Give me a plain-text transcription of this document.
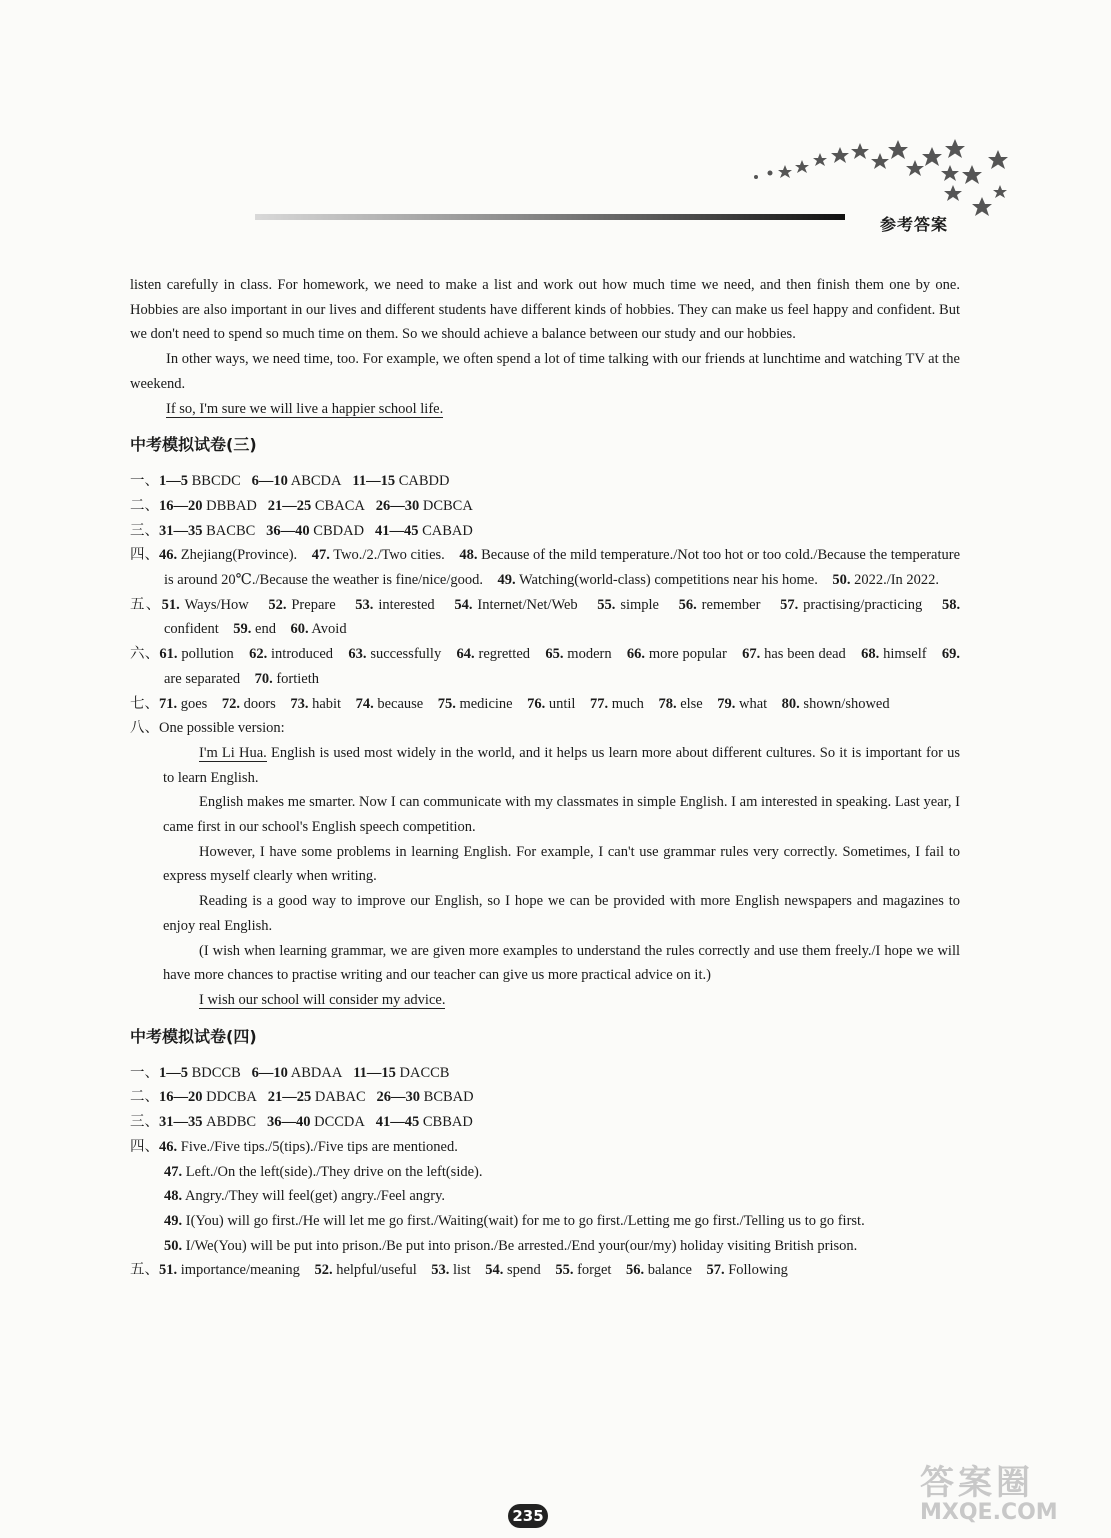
参考答案

listen carefully in class. For homework, we need to make a list and work out how much time we need, and then finish them one by one. Hobbies are also important in our lives and different students have different kinds of hobbies. They can make us feel happy and confident. But we don't need to spend so much time on them. So we should achieve a balance between our study and our hobbies.

In other ways, we need time, too. For example, we often spend a lot of time talking with our friends at lunchtime and watching TV at the weekend.

If so, I'm sure we will live a happier school life.

中考模拟试卷(三)
一、1—5 BBCDC 6—10 ABCDA 11—15 CABDD
二、16—20 DBBAD 21—25 CBACA 26—30 DCBCA
三、31—35 BACBC 36—40 CBDAD 41—45 CABAD
四、46. Zhejiang(Province). 47. Two./2./Two cities. 48. Because of the mild temperature./Not too hot or too cold./Because the temperature is around 20℃./Because the weather is fine/nice/good. 49. Watching(world-class) competitions near his home. 50. 2022./In 2022.
五、51. Ways/How 52. Prepare 53. interested 54. Internet/Net/Web 55. simple 56. remember 57. practising/practicing 58. confident 59. end 60. Avoid
六、61. pollution 62. introduced 63. successfully 64. regretted 65. modern 66. more popular 67. has been dead 68. himself 69. are separated 70. fortieth
七、71. goes 72. doors 73. habit 74. because 75. medicine 76. until 77. much 78. else 79. what 80. shown/showed
八、One possible version:

I'm Li Hua. English is used most widely in the world, and it helps us learn more about different cultures. So it is important for us to learn English.

English makes me smarter. Now I can communicate with my classmates in simple English. I am interested in speaking. Last year, I came first in our school's English speech competition.

However, I have some problems in learning English. For example, I can't use grammar rules very correctly. Sometimes, I fail to express myself clearly when writing.

Reading is a good way to improve our English, so I hope we can be provided with more English newspapers and magazines to enjoy real English.

(I wish when learning grammar, we are given more examples to understand the rules correctly and use them freely./I hope we will have more chances to practise writing and our teacher can give us more practical advice on it.)

I wish our school will consider my advice.

中考模拟试卷(四)
一、1—5 BDCCB 6—10 ABDAA 11—15 DACCB
二、16—20 DDCBA 21—25 DABAC 26—30 BCBAD
三、31—35 ABDBC 36—40 DCCDA 41—45 CBBAD
四、46. Five./Five tips./5(tips)./Five tips are mentioned.
47. Left./On the left(side)./They drive on the left(side).
48. Angry./They will feel(get) angry./Feel angry.
49. I(You) will go first./He will let me go first./Waiting(wait) for me to go first./Letting me go first./Telling us to go first.
50. I/We(You) will be put into prison./Be put into prison./Be arrested./End your(our/my) holiday visiting British prison.
五、51. importance/meaning 52. helpful/useful 53. list 54. spend 55. forget 56. balance 57. Following
235
答案圈
MXQE.COM
